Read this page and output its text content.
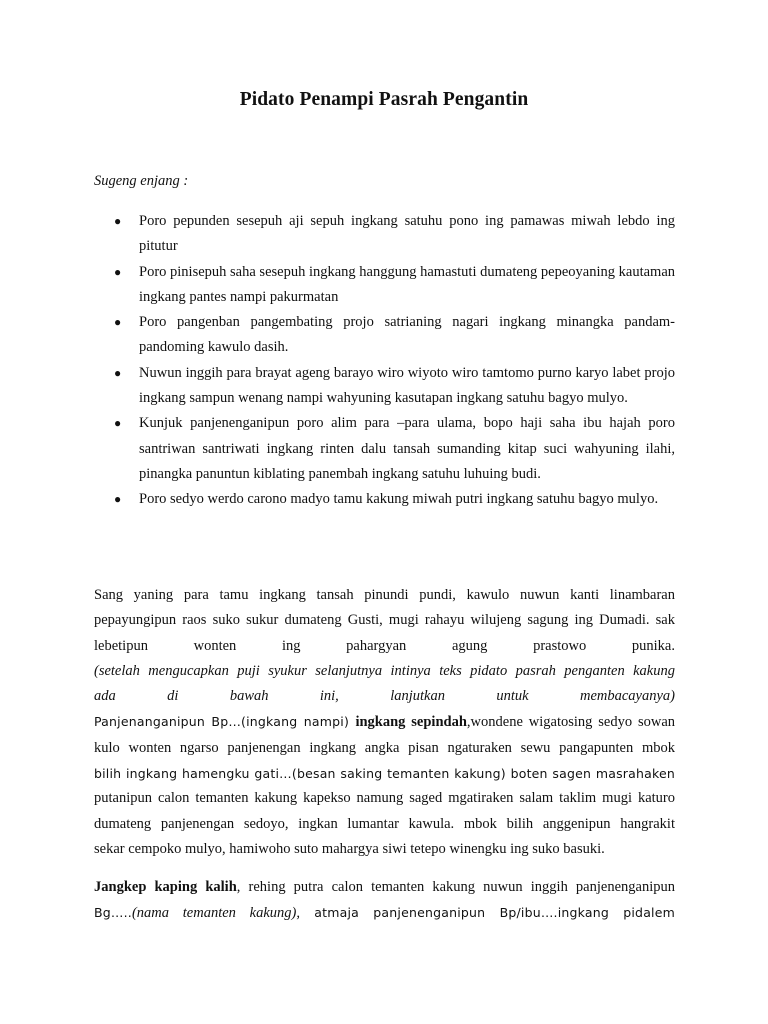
Pidato Penampi Pasrah Pengantin
Sugeng enjang :
● Poro pepunden sesepuh aji sepuh ingkang satuhu pono ing pamawas miwah lebdo ing pitutur
● Poro pinisepuh saha sesepuh ingkang hanggung hamastuti dumateng pepeoyaning kautaman ingkang pantes nampi pakurmatan
● Poro pangenban pangembating projo satrianing nagari ingkang minangka pandam-pandoming kawulo dasih.
● Nuwun inggih para brayat ageng barayo wiro wiyoto wiro tamtomo purno karyo labet projo ingkang sampun wenang nampi wahyuning kasutapan ingkang satuhu bagyo mulyo.
● Kunjuk panjenenganipun poro alim para –para ulama, bopo haji saha ibu hajah poro santriwan santriwati ingkang rinten dalu tansah sumanding kitap suci wahyuning ilahi, pinangka panuntun kiblating panembah ingkang satuhu luhuing budi.
● Poro sedyo werdo carono madyo tamu kakung miwah putri ingkang satuhu bagyo mulyo.
Sang yaning para tamu ingkang tansah pinundi pundi, kawulo nuwun kanti linambaran
pepayungipun raos suko sukur dumateng Gusti, mugi rahayu wilujeng sagung ing Dumadi. sak
lebetipun wonten ing pahargyan agung prastowo punika.
(setelah mengucapkan puji syukur selanjutnya intinya teks pidato pasrah penganten kakung
ada di bawah ini, lanjutkan untuk membacayanya)
Panjenanganipun Bp…(ingkang nampi) ingkang sepindah,wondene wigatosing sedyo sowan
kulo wonten ngarso panjenengan ingkang angka pisan ngaturaken sewu pangapunten mbok
bilih ingkang hamengku gati…(besan saking temanten kakung) boten sagen masrahaken
putanipun calon temanten kakung kapekso namung saged mgatiraken salam taklim mugi katuro
dumateng panjenengan sedoyo, ingkan lumantar kawula. mbok bilih anggenipun hangrakit
sekar cempoko mulyo, hamiwoho suto mahargya siwi tetepo winengku ing suko basuki.
Jangkep kaping kalih, rehing putra calon temanten kakung nuwun inggih panjenenganipun
Bg…..(nama temanten kakung), atmaja panjenenganipun Bp/ibu….ingkang pidalem
